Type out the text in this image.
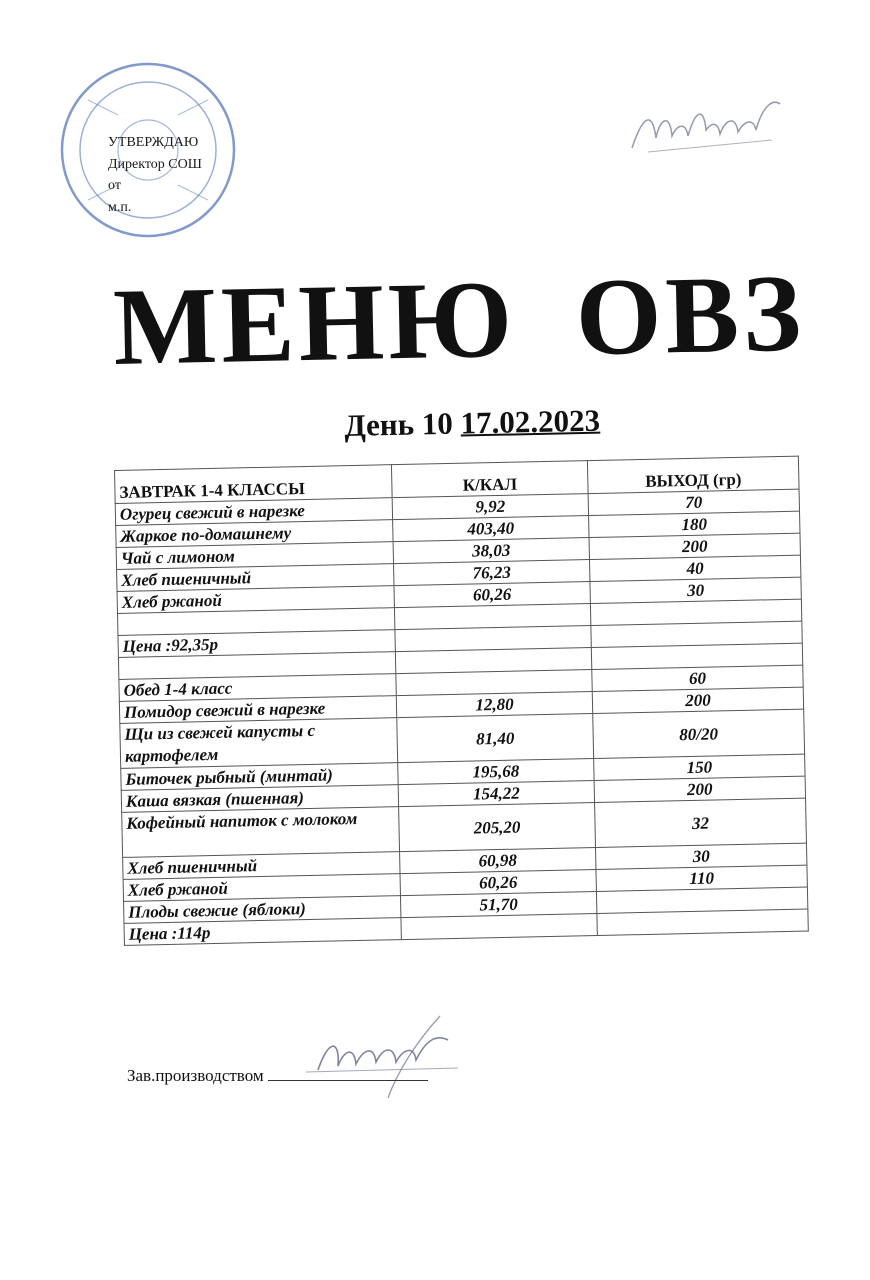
УТВЕРЖДАЮ
Директор СОШ
от
м.п.
МЕНЮ ОВЗ
День 10 17.02.2023
ЗАВТРАК 1-4 КЛАССЫ	К/КАЛ	ВЫХОД (гр)
Огурец свежий в нарезке	9,92	70
Жаркое по-домашнему	403,40	180
Чай с лимоном	38,03	200
Хлеб пшеничный	76,23	40
Хлеб ржаной	60,26	30

Цена :92,35р		

Обед 1-4 класс		60
Помидор свежий в нарезке	12,80	200
Щи из свежей капусты с картофелем	81,40	80/20
Биточек рыбный (минтай)	195,68	150
Каша вязкая (пшенная)	154,22	200
Кофейный напиток с молоком	205,20	32
Хлеб пшеничный	60,98	30
Хлеб ржаной	60,26	110
Плоды свежие (яблоки)	51,70	
Цена :114р		
Зав.производством
